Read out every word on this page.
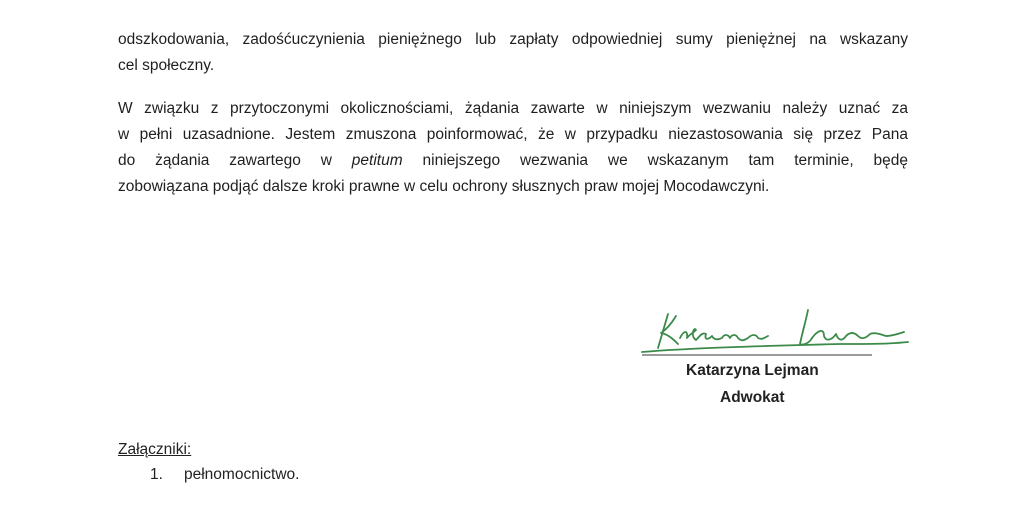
odszkodowania, zadośćuczynienia pieniężnego lub zapłaty odpowiedniej sumy pieniężnej na wskazany

cel społeczny.

W związku z przytoczonymi okolicznościami, żądania zawarte w niniejszym wezwaniu należy uznać za

w pełni uzasadnione. Jestem zmuszona poinformować, że w przypadku niezastosowania się przez Pana

do żądania zawartego w petitum niniejszego wezwania we wskazanym tam terminie, będę

zobowiązana podjąć dalsze kroki prawne w celu ochrony słusznych praw mojej Mocodawczyni.

Katarzyna Lejman
Adwokat
Załączniki:
1. pełnomocnictwo.
